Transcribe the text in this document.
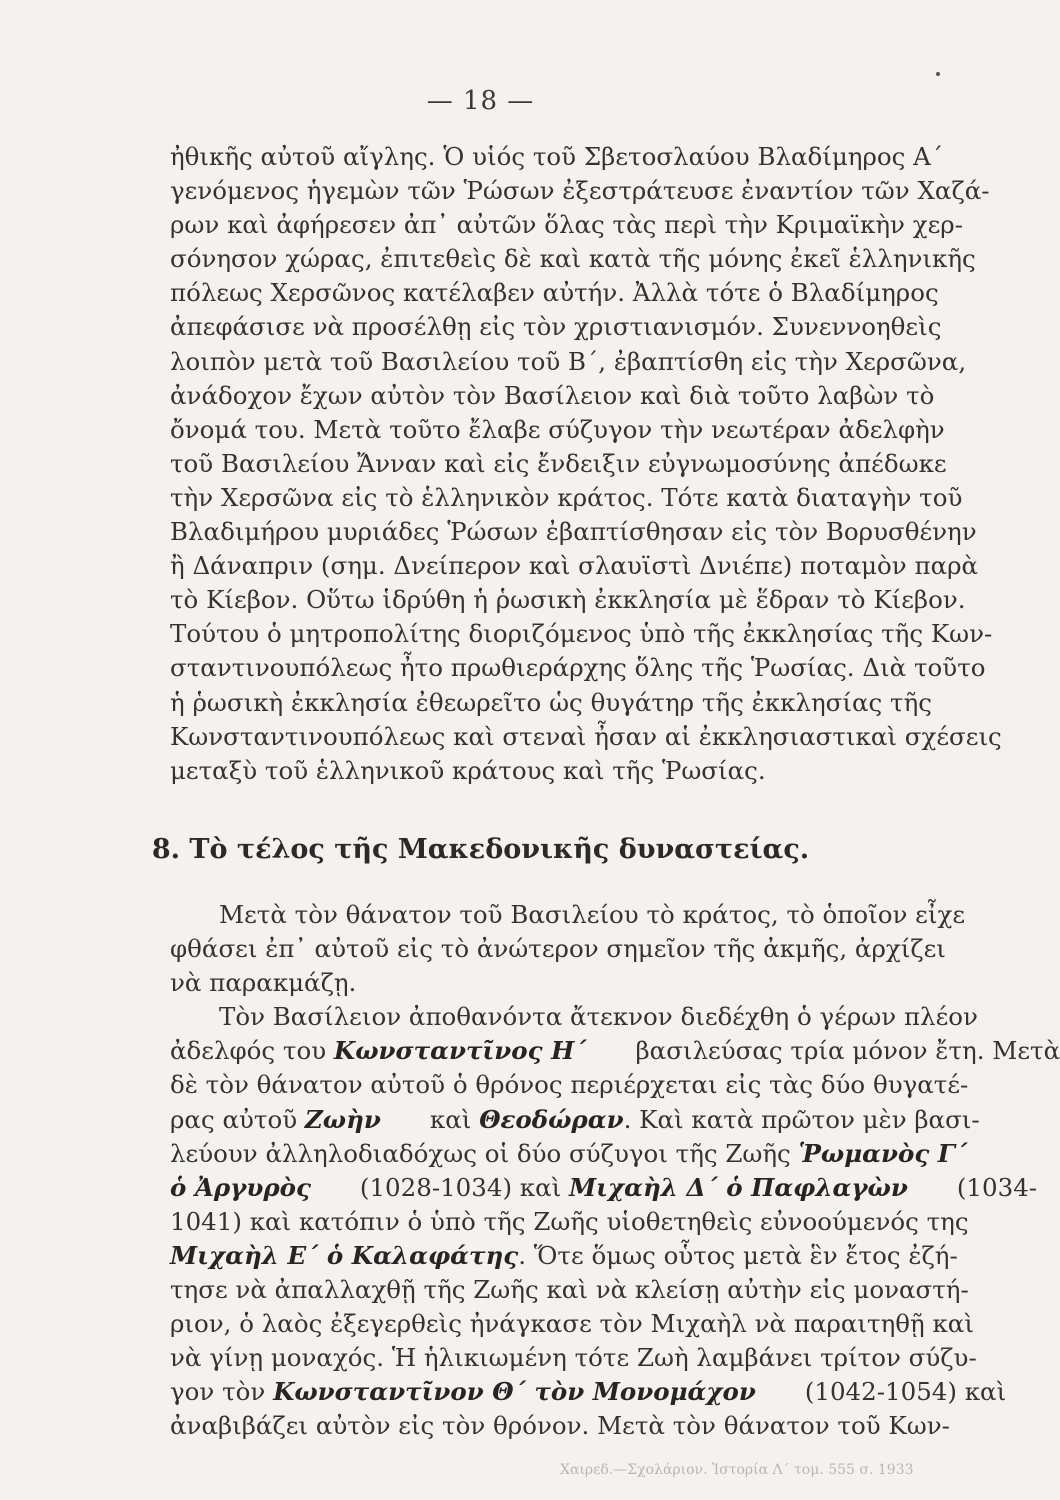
— 18 —
ἠθικῆς αὐτοῦ αἴγλης. Ὁ υἱός τοῦ Σβετοσλαύου Βλαδίμηρος Α΄
γενόμενος ἡγεμὼν τῶν Ῥώσων ἐξεστράτευσε ἐναντίον τῶν Χαζά-
ρων καὶ ἀφήρεσεν ἀπ᾽ αὐτῶν ὅλας τὰς περὶ τὴν Κριμαϊκὴν χερ-
σόνησον χώρας, ἐπιτεθεὶς δὲ καὶ κατὰ τῆς μόνης ἐκεῖ ἑλληνικῆς
πόλεως Χερσῶνος κατέλαβεν αὐτήν. Ἀλλὰ τότε ὁ Βλαδίμηρος
ἀπεφάσισε νὰ προσέλθῃ εἰς τὸν χριστιανισμόν. Συνεννοηθεὶς
λοιπὸν μετὰ τοῦ Βασιλείου τοῦ Β΄, ἐβαπτίσθη εἰς τὴν Χερσῶνα,
ἀνάδοχον ἔχων αὐτὸν τὸν Βασίλειον καὶ διὰ τοῦτο λαβὼν τὸ
ὄνομά του. Μετὰ τοῦτο ἔλαβε σύζυγον τὴν νεωτέραν ἀδελφὴν
τοῦ Βασιλείου Ἄνναν καὶ εἰς ἔνδειξιν εὐγνωμοσύνης ἀπέδωκε
τὴν Χερσῶνα εἰς τὸ ἑλληνικὸν κράτος. Τότε κατὰ διαταγὴν τοῦ
Βλαδιμήρου μυριάδες Ῥώσων ἐβαπτίσθησαν εἰς τὸν Βορυσθένην
ἢ Δάναπριν (σημ. Δνείπερον καὶ σλαυϊστὶ Δνιέπε) ποταμὸν παρὰ
τὸ Κίεβον. Οὕτω ἱδρύθη ἡ ῥωσικὴ ἐκκλησία μὲ ἕδραν τὸ Κίεβον.
Τούτου ὁ μητροπολίτης διοριζόμενος ὑπὸ τῆς ἐκκλησίας τῆς Κων-
σταντινουπόλεως ἦτο πρωθιεράρχης ὅλης τῆς Ῥωσίας. Διὰ τοῦτο
ἡ ῥωσικὴ ἐκκλησία ἐθεωρεῖτο ὡς θυγάτηρ τῆς ἐκκλησίας τῆς
Κωνσταντινουπόλεως καὶ στεναὶ ἦσαν αἱ ἐκκλησιαστικαὶ σχέσεις
μεταξὺ τοῦ ἑλληνικοῦ κράτους καὶ τῆς Ῥωσίας.
8. Τὸ τέλος τῆς Μακεδονικῆς δυναστείας.
  Μετὰ τὸν θάνατον τοῦ Βασιλείου τὸ κράτος, τὸ ὁποῖον εἶχε
φθάσει ἐπ᾽ αὐτοῦ εἰς τὸ ἀνώτερον σημεῖον τῆς ἀκμῆς, ἀρχίζει
νὰ παρακμάζῃ.
  Τὸν Βασίλειον ἀποθανόντα ἄτεκνον διεδέχθη ὁ γέρων πλέον
ἀδελφός του Κωνσταντῖνος Η΄  βασιλεύσας τρία μόνον ἔτη. Μετὰ
δὲ τὸν θάνατον αὐτοῦ ὁ θρόνος περιέρχεται εἰς τὰς δύο θυγατέ-
ρας αὐτοῦ Ζωὴν  καὶ Θεοδώραν. Καὶ κατὰ πρῶτον μὲν βασι-
λεύουν ἀλληλοδιαδόχως οἱ δύο σύζυγοι τῆς Ζωῆς Ῥωμανὸς Γ΄
ὁ Ἀργυρὸς  (1028-1034) καὶ Μιχαὴλ Δ΄ ὁ Παφλαγὼν  (1034-
1041) καὶ κατόπιν ὁ ὑπὸ τῆς Ζωῆς υἱοθετηθεὶς εὐνοούμενός της
Μιχαὴλ Ε΄ ὁ Καλαφάτης. Ὅτε ὅμως οὗτος μετὰ ἓν ἔτος ἐζή-
τησε νὰ ἀπαλλαχθῇ τῆς Ζωῆς καὶ νὰ κλείσῃ αὐτὴν εἰς μοναστή-
ριον, ὁ λαὸς ἐξεγερθεὶς ἠνάγκασε τὸν Μιχαὴλ νὰ παραιτηθῇ καὶ
νὰ γίνῃ μοναχός. Ἡ ἡλικιωμένη τότε Ζωὴ λαμβάνει τρίτον σύζυ-
γον τὸν Κωνσταντῖνον Θ΄ τὸν Μονομάχον  (1042-1054) καὶ
ἀναβιβάζει αὐτὸν εἰς τὸν θρόνον. Μετὰ τὸν θάνατον τοῦ Κων-
Χαιρεδ.—Σχολάριον. Ἱστορία Λ΄ τομ. 555 σ. 1933
